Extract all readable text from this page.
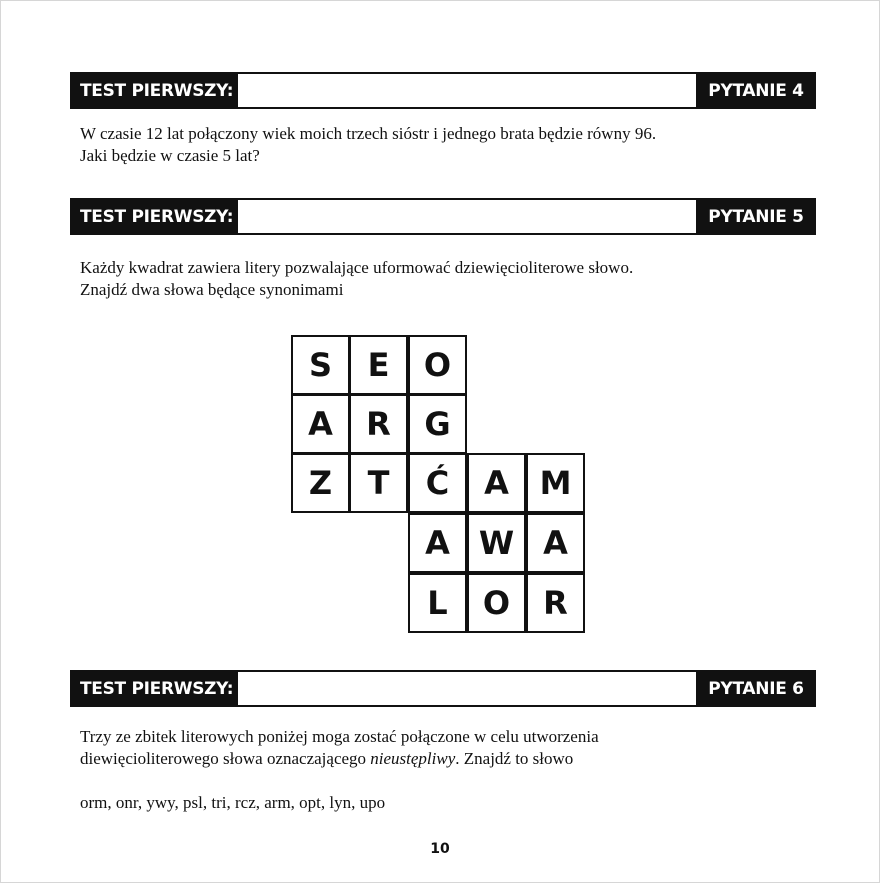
TEST PIERWSZY:	PYTANIE 4

W czasie 12 lat połączony wiek moich trzech sióstr i jednego brata będzie równy 96.
Jaki będzie w czasie 5 lat?

TEST PIERWSZY:	PYTANIE 5

Każdy kwadrat zawiera litery pozwalające uformować dziewięcioliterowe słowo.
Znajdź dwa słowa będące synonimami

S	E	O
A	R	G
Z	T	Ć	A M
A W A
L	O	R
TEST PIERWSZY:	PYTANIE 6

Trzy ze zbitek literowych poniżej moga zostać połączone w celu utworzenia
diewięcioliterowego słowa oznaczającego nieustępliwy. Znajdź to słowo

orm, onr, ywy, psl, tri, rcz, arm, opt, lyn, upo

10
